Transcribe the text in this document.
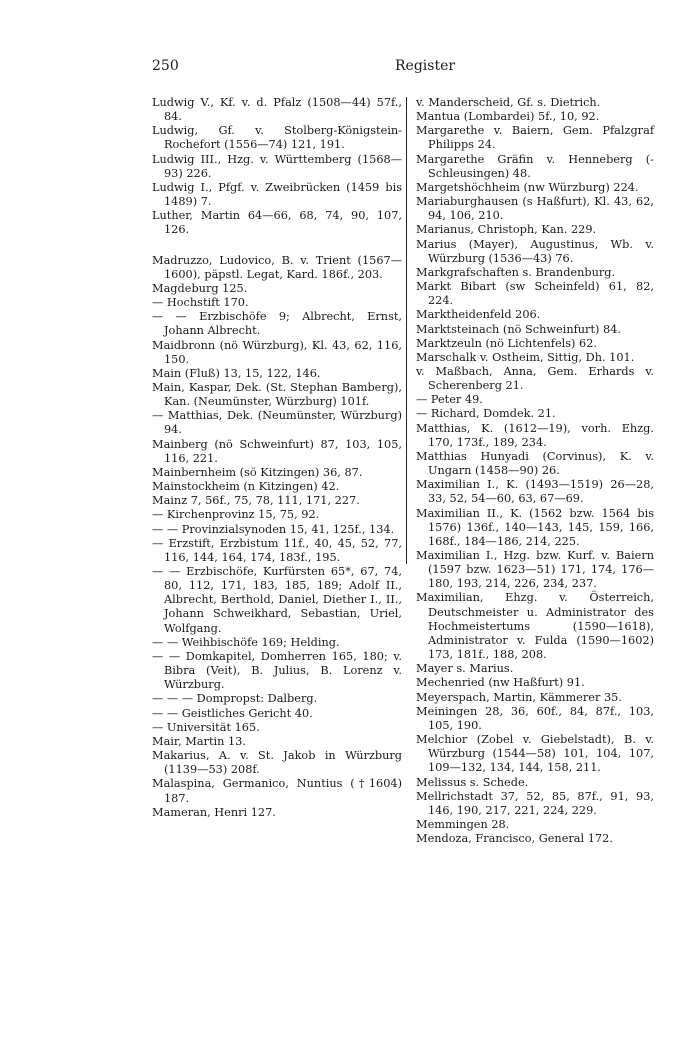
250	Register

Ludwig V., Kf. v. d. Pfalz (1508—44) 57f., 84.

Ludwig, Gf. v. Stolberg-Königstein-Rochefort (1556—74) 121, 191.

Ludwig III., Hzg. v. Württemberg (1568—93) 226.

Ludwig I., Pfgf. v. Zweibrücken (1459 bis 1489) 7.

Luther, Martin 64—66, 68, 74, 90, 107, 126.

Madruzzo, Ludovico, B. v. Trient (1567—1600), päpstl. Legat, Kard. 186f., 203.

Magdeburg 125.

— Hochstift 170.

— — Erzbischöfe 9; Albrecht, Ernst, Johann Albrecht.

Maidbronn (nö Würzburg), Kl. 43, 62, 116, 150.

Main (Fluß) 13, 15, 122, 146.

Main, Kaspar, Dek. (St. Stephan Bamberg), Kan. (Neumünster, Würzburg) 101f.

— Matthias, Dek. (Neumünster, Würzburg) 94.

Mainberg (nö Schweinfurt) 87, 103, 105, 116, 221.

Mainbernheim (sö Kitzingen) 36, 87.

Mainstockheim (n Kitzingen) 42.

Mainz 7, 56f., 75, 78, 111, 171, 227.

— Kirchenprovinz 15, 75, 92.

— — Provinzialsynoden 15, 41, 125f., 134.

— Erzstift, Erzbistum 11f., 40, 45, 52, 77, 116, 144, 164, 174, 183f., 195.

— — Erzbischöfe, Kurfürsten 65*, 67, 74, 80, 112, 171, 183, 185, 189; Adolf II., Albrecht, Berthold, Daniel, Diether I., II., Johann Schweikhard, Sebastian, Uriel, Wolfgang.

— — Weihbischöfe 169; Helding.

— — Domkapitel, Domherren 165, 180; v. Bibra (Veit), B. Julius, B. Lorenz v. Würzburg.

— — — Dompropst: Dalberg.

— — Geistliches Gericht 40.

— Universität 165.

Mair, Martin 13.

Makarius, A. v. St. Jakob in Würzburg (1139—53) 208f.

Malaspina, Germanico, Nuntius (†1604) 187.

Mameran, Henri 127.

v. Manderscheid, Gf. s. Dietrich.

Mantua (Lombardei) 5f., 10, 92.

Margarethe v. Baiern, Gem. Pfalzgraf Philipps 24.

Margarethe Gräfin v. Henneberg (-Schleusingen) 48.

Margetshöchheim (nw Würzburg) 224.

Mariaburghausen (s Haßfurt), Kl. 43, 62, 94, 106, 210.

Marianus, Christoph, Kan. 229.

Marius (Mayer), Augustinus, Wb. v. Würzburg (1536—43) 76.

Markgrafschaften s. Brandenburg.

Markt Bibart (sw Scheinfeld) 61, 82, 224.

Marktheidenfeld 206.

Marktsteinach (nö Schweinfurt) 84.

Marktzeuln (nö Lichtenfels) 62.

Marschalk v. Ostheim, Sittig, Dh. 101.

v. Maßbach, Anna, Gem. Erhards v. Scherenberg 21.

— Peter 49.

— Richard, Domdek. 21.

Matthias, K. (1612—19), vorh. Ehzg. 170, 173f., 189, 234.

Matthias Hunyadi (Corvinus), K. v. Ungarn (1458—90) 26.

Maximilian I., K. (1493—1519) 26—28, 33, 52, 54—60, 63, 67—69.

Maximilian II., K. (1562 bzw. 1564 bis 1576) 136f., 140—143, 145, 159, 166, 168f., 184—186, 214, 225.

Maximilian I., Hzg. bzw. Kurf. v. Baiern (1597 bzw. 1623—51) 171, 174, 176—180, 193, 214, 226, 234, 237.

Maximilian, Ehzg. v. Österreich, Deutschmeister u. Administrator des Hochmeistertums (1590—1618), Administrator v. Fulda (1590—1602) 173, 181f., 188, 208.

Mayer s. Marius.

Mechenried (nw Haßfurt) 91.

Meyerspach, Martin, Kämmerer 35.

Meiningen 28, 36, 60f., 84, 87f., 103, 105, 190.

Melchior (Zobel v. Giebelstadt), B. v. Würzburg (1544—58) 101, 104, 107, 109—132, 134, 144, 158, 211.

Melissus s. Schede.

Mellrichstadt 37, 52, 85, 87f., 91, 93, 146, 190, 217, 221, 224, 229.

Memmingen 28.

Mendoza, Francisco, General 172.
